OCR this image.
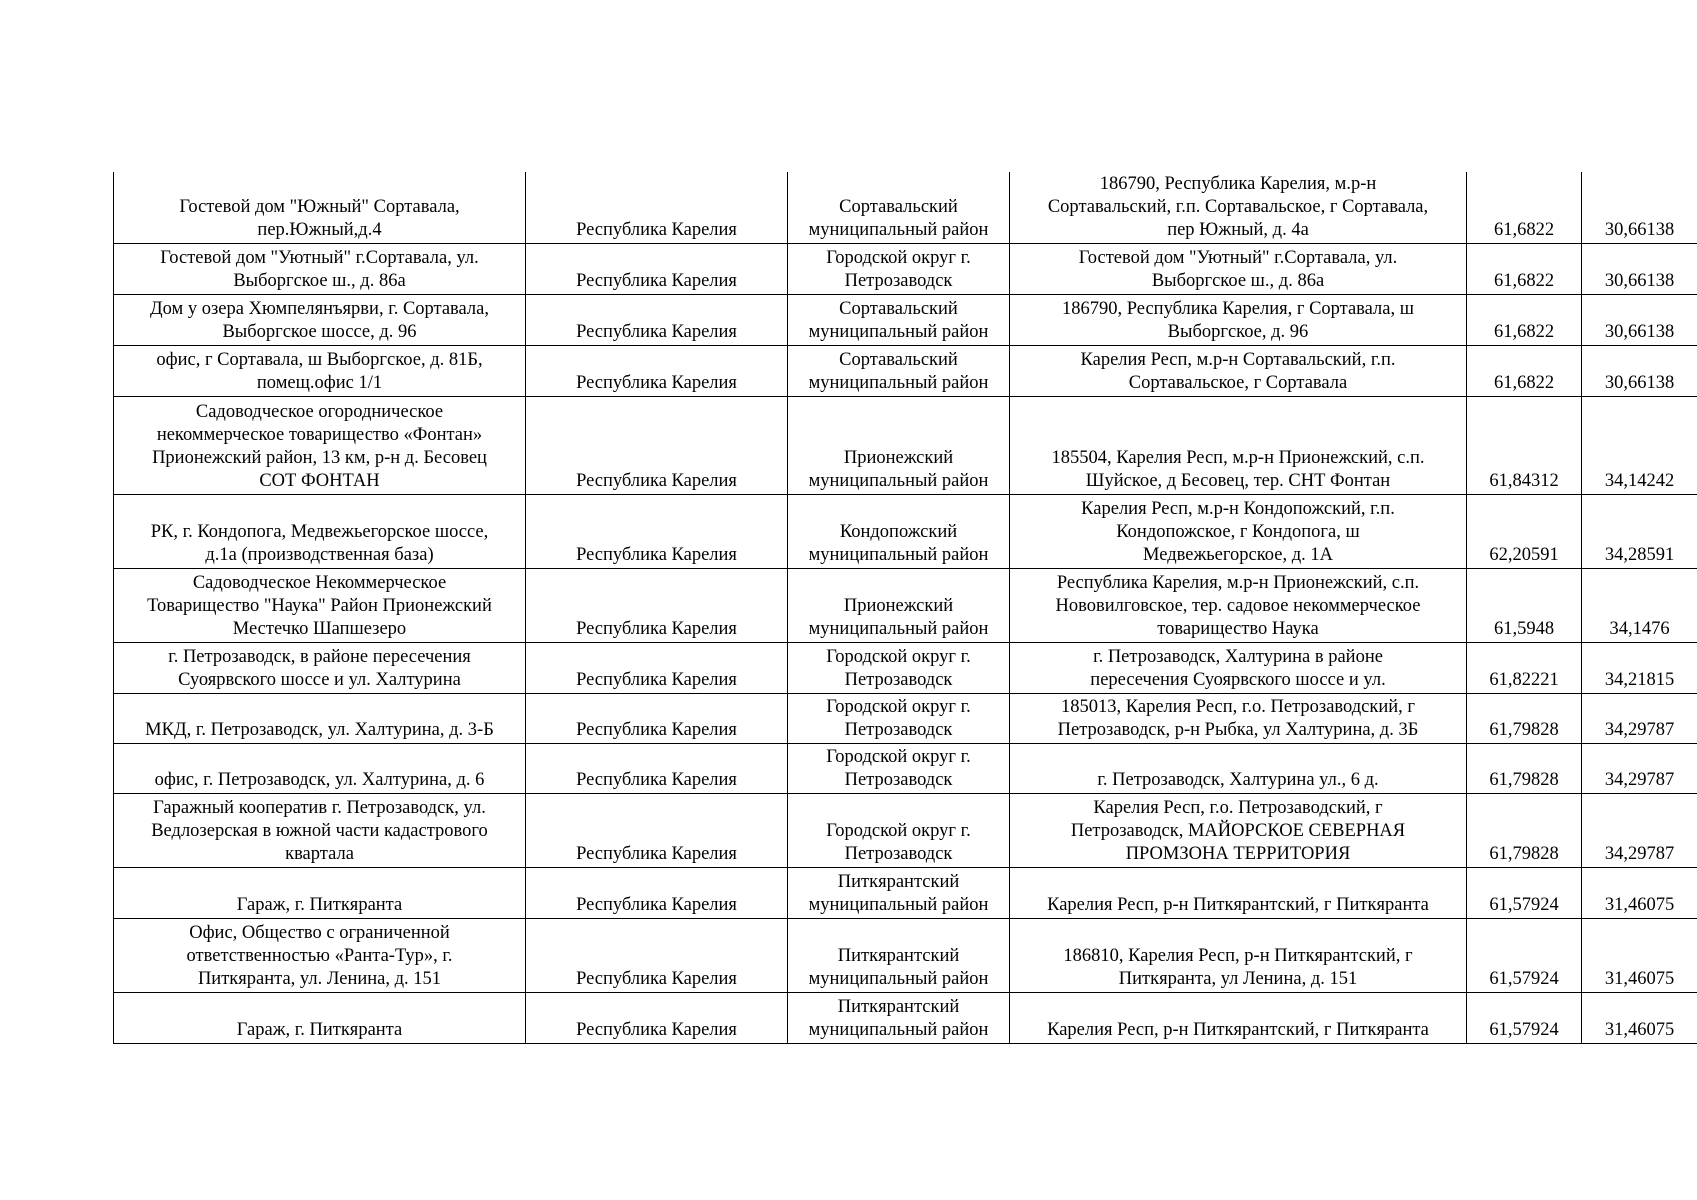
Гостевой дом "Южный" Сортавала,
пер.Южный,д.4	Республика Карелия	Сортавальский
муниципальный район	186790, Республика Карелия, м.р-н
Сортавальский, г.п. Сортавальское, г Сортавала,
пер Южный, д. 4а	61,6822	30,66138

Гостевой дом "Уютный" г.Сортавала, ул.
Выборгское ш., д. 86а	Республика Карелия	Городской округ г.
Петрозаводск	Гостевой дом "Уютный" г.Сортавала, ул.
Выборгское ш., д. 86а	61,6822	30,66138

Дом у озера Хюмпелянъярви, г. Сортавала,
Выборгское шоссе, д. 96	Республика Карелия	Сортавальский
муниципальный район	186790, Республика Карелия, г Сортавала, ш
Выборгское, д. 96	61,6822	30,66138

офис, г Сортавала, ш Выборгское, д. 81Б,
помещ.офис 1/1	Республика Карелия	Сортавальский
муниципальный район	Карелия Респ, м.р-н Сортавальский, г.п.
Сортавальское, г Сортавала	61,6822	30,66138

Садоводческое огородническое
некоммерческое товарищество «Фонтан»
Прионежский район, 13 км, р-н д. Бесовец
СОТ ФОНТАН	Республика Карелия	Прионежский
муниципальный район	185504, Карелия Респ, м.р-н Прионежский, с.п.
Шуйское, д Бесовец, тер. СНТ Фонтан	61,84312	34,14242

РК, г. Кондопога, Медвежьегорское шоссе,
д.1а (производственная база)	Республика Карелия	Кондопожский
муниципальный район	Карелия Респ, м.р-н Кондопожский, г.п.
Кондопожское, г Кондопога, ш
Медвежьегорское, д. 1А	62,20591	34,28591

Садоводческое Некоммерческое
Товарищество "Наука" Район Прионежский
Местечко Шапшезеро	Республика Карелия	Прионежский
муниципальный район	Республика Карелия, м.р-н Прионежский, с.п.
Нововилговское, тер. садовое некоммерческое
товарищество Наука	61,5948	34,1476

г. Петрозаводск, в районе пересечения
Суоярвского шоссе и ул. Халтурина	Республика Карелия	Городской округ г.
Петрозаводск	г. Петрозаводск, Халтурина в районе
пересечения Суоярвского шоссе и ул.	61,82221	34,21815

МКД, г. Петрозаводск, ул. Халтурина, д. 3-Б	Республика Карелия	Городской округ г.
Петрозаводск	185013, Карелия Респ, г.о. Петрозаводский, г
Петрозаводск, р-н Рыбка, ул Халтурина, д. 3Б	61,79828	34,29787

офис, г. Петрозаводск, ул. Халтурина, д. 6	Республика Карелия	Городской округ г.
Петрозаводск	г. Петрозаводск, Халтурина ул., 6 д.	61,79828	34,29787

Гаражный кооператив г. Петрозаводск, ул.
Ведлозерская в южной части кадастрового
квартала	Республика Карелия	Городской округ г.
Петрозаводск	Карелия Респ, г.о. Петрозаводский, г
Петрозаводск, МАЙОРСКОЕ СЕВЕРНАЯ
ПРОМЗОНА ТЕРРИТОРИЯ	61,79828	34,29787

Гараж, г. Питкяранта	Республика Карелия	Питкярантский
муниципальный район	Карелия Респ, р-н Питкярантский, г Питкяранта	61,57924	31,46075

Офис, Общество с ограниченной
ответственностью «Ранта-Тур», г.
Питкяранта, ул. Ленина, д. 151	Республика Карелия	Питкярантский
муниципальный район	186810, Карелия Респ, р-н Питкярантский, г
Питкяранта, ул Ленина, д. 151	61,57924	31,46075

Гараж, г. Питкяранта	Республика Карелия	Питкярантский
муниципальный район	Карелия Респ, р-н Питкярантский, г Питкяранта	61,57924	31,46075
